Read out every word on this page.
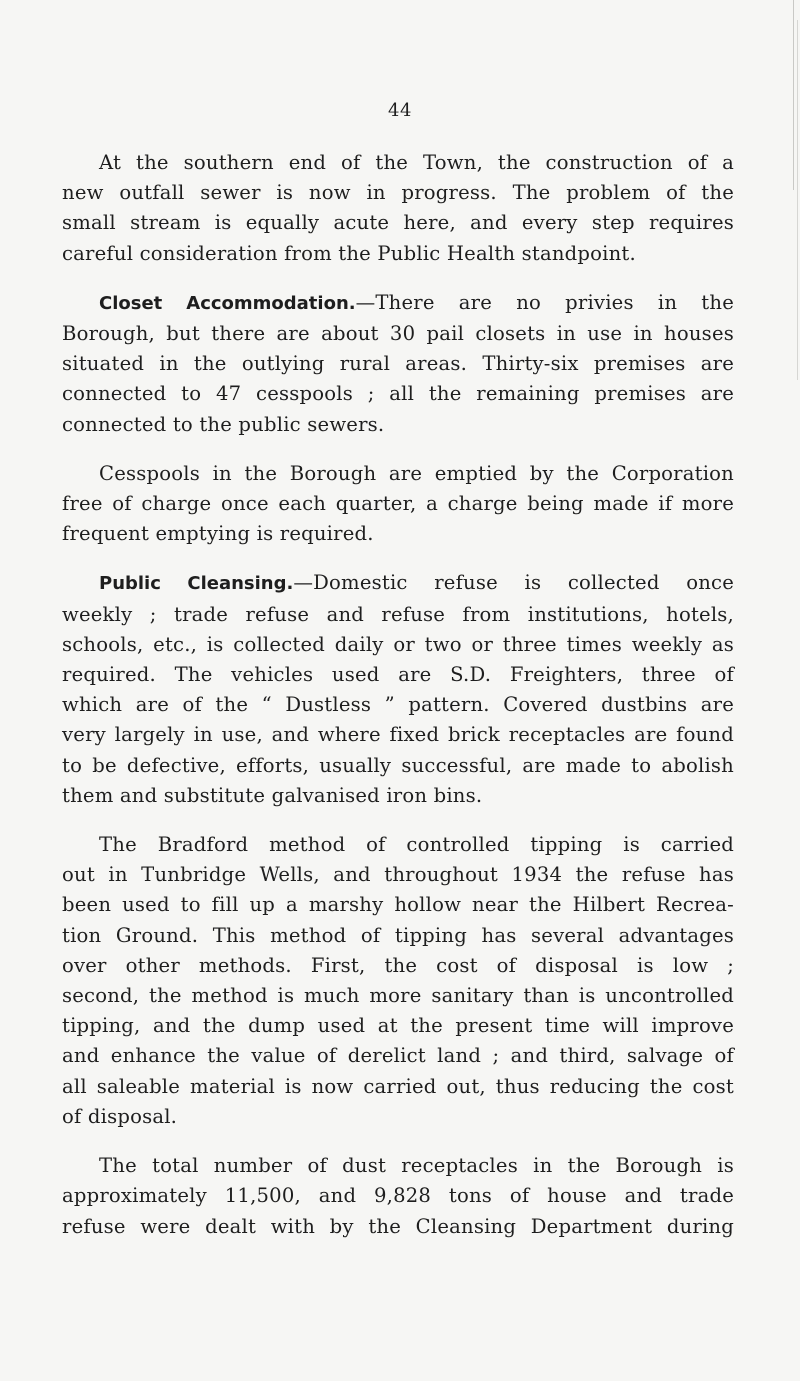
44
At the southern end of the Town, the construction of a
new outfall sewer is now in progress. The problem of the
small stream is equally acute here, and every step requires
careful consideration from the Public Health standpoint.
Closet Accommodation.—There are no privies in the
Borough, but there are about 30 pail closets in use in houses
situated in the outlying rural areas. Thirty-six premises are
connected to 47 cesspools ; all the remaining premises are
connected to the public sewers.
Cesspools in the Borough are emptied by the Corporation
free of charge once each quarter, a charge being made if more
frequent emptying is required.
Public Cleansing.—Domestic refuse is collected once
weekly ; trade refuse and refuse from institutions, hotels,
schools, etc., is collected daily or two or three times weekly as
required. The vehicles used are S.D. Freighters, three of
which are of the “ Dustless ” pattern. Covered dustbins are
very largely in use, and where fixed brick receptacles are found
to be defective, efforts, usually successful, are made to abolish
them and substitute galvanised iron bins.
The Bradford method of controlled tipping is carried
out in Tunbridge Wells, and throughout 1934 the refuse has
been used to fill up a marshy hollow near the Hilbert Recrea-
tion Ground. This method of tipping has several advantages
over other methods. First, the cost of disposal is low ;
second, the method is much more sanitary than is uncontrolled
tipping, and the dump used at the present time will improve
and enhance the value of derelict land ; and third, salvage of
all saleable material is now carried out, thus reducing the cost
of disposal.
The total number of dust receptacles in the Borough is
approximately 11,500, and 9,828 tons of house and trade
refuse were dealt with by the Cleansing Department during
